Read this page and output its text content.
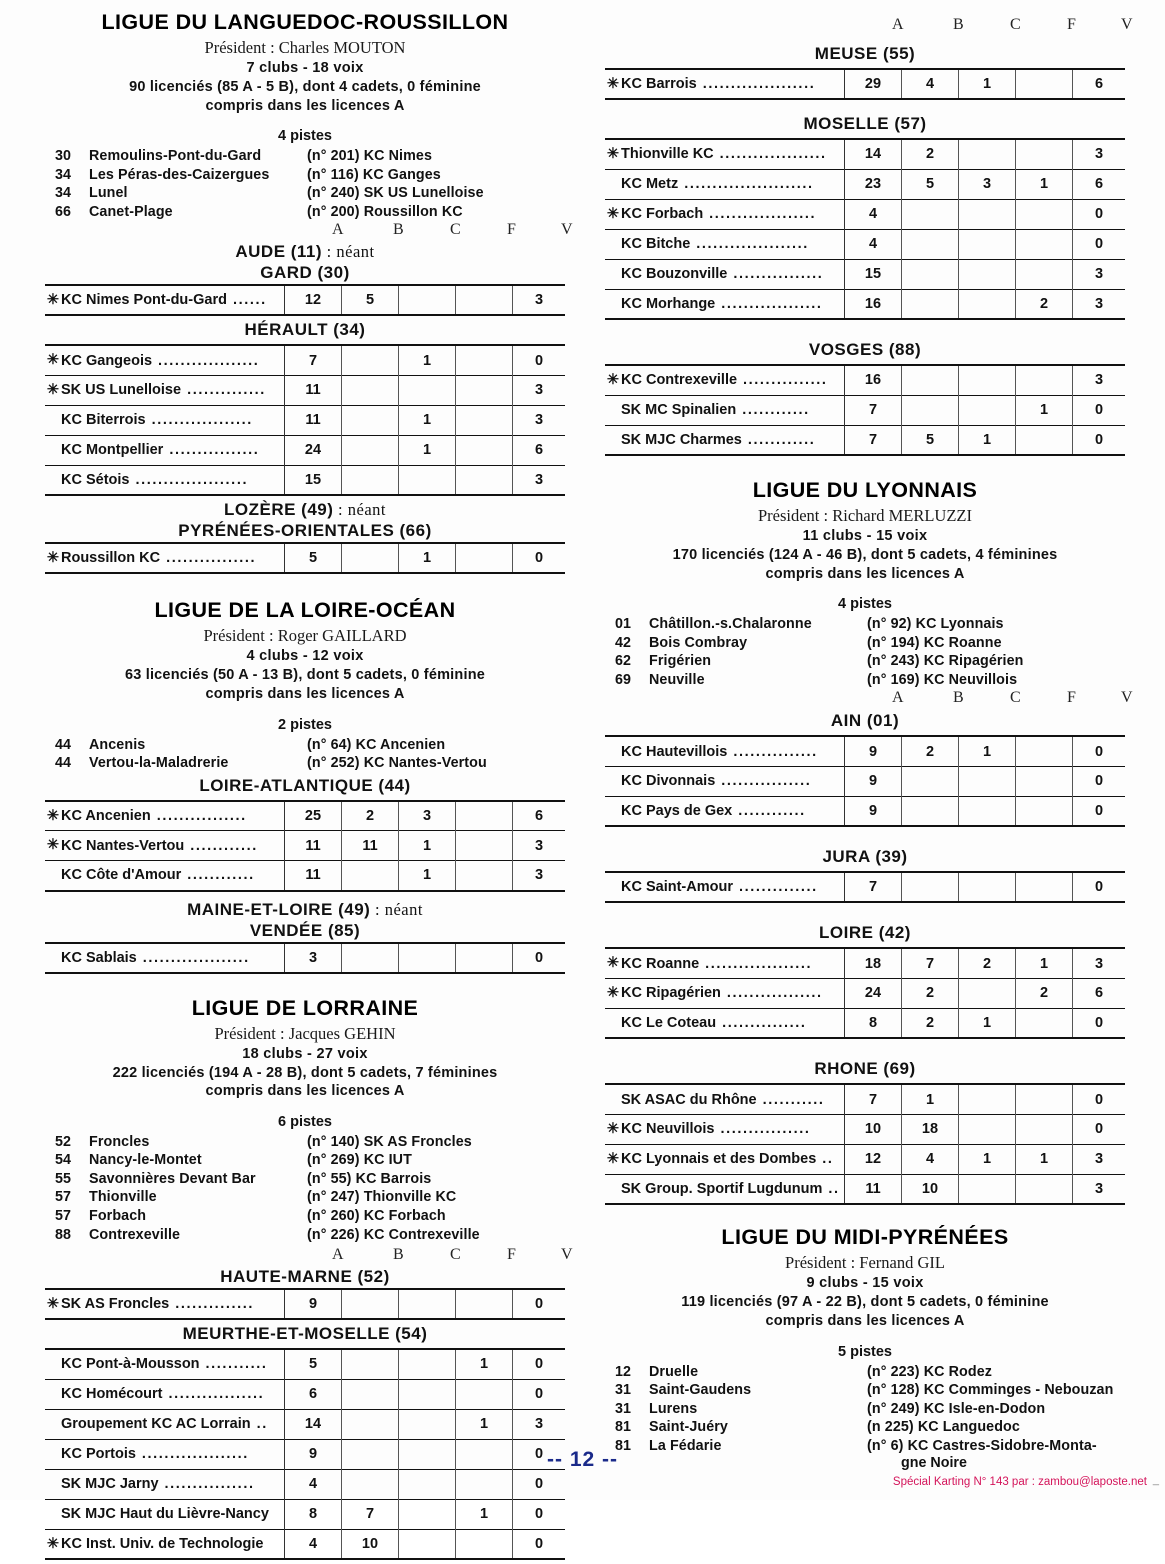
LIGUE DU LANGUEDOC-ROUSSILLON
Président : Charles MOUTON
7 clubs - 18 voix
90 licenciés (85 A - 5 B), dont 4 cadets, 0 féminine
compris dans les licences A
4 pistes
30	Remoulins-Pont-du-Gard	(n° 201) KC Nimes
34	Les Péras-des-Caizergues	(n° 116) KC Ganges
34	Lunel	(n° 240) SK US Lunelloise
66	Canet-Plage	(n° 200) Roussillon KC
A	B	C	F	V
AUDE (11) : néant
GARD (30)
✳	KC Nimes Pont-du-Gard ......	12	5			3
HÉRAULT (34)
✳	KC Gangeois ..................	7		1		0
✳	SK US Lunelloise ..............	11				3
	KC Biterrois ..................	11		1		3
	KC Montpellier ................	24		1		6
	KC Sétois ....................	15				3
LOZÈRE (49) : néant
PYRÉNÉES-ORIENTALES (66)
✳	Roussillon KC ................	5		1		0
LIGUE DE LA LOIRE-OCÉAN
Président : Roger GAILLARD
4 clubs - 12 voix
63 licenciés (50 A - 13 B), dont 5 cadets, 0 féminine
compris dans les licences A
2 pistes
44	Ancenis	(n° 64) KC Ancenien
44	Vertou-la-Maladrerie	(n° 252) KC Nantes-Vertou
LOIRE-ATLANTIQUE (44)
✳	KC Ancenien ................	25	2	3		6
✳	KC Nantes-Vertou ............	11	11	1		3
	KC Côte d'Amour ............	11		1		3
MAINE-ET-LOIRE (49) : néant
VENDÉE (85)
	KC Sablais ...................	3				0
LIGUE DE LORRAINE
Président : Jacques GEHIN
18 clubs - 27 voix
222 licenciés (194 A - 28 B), dont 5 cadets, 7 féminines
compris dans les licences A
6 pistes
52	Froncles	(n° 140) SK AS Froncles
54	Nancy-le-Montet	(n° 269) KC IUT
55	Savonnières Devant Bar	(n° 55) KC Barrois
57	Thionville	(n° 247) Thionville KC
57	Forbach	(n° 260) KC Forbach
88	Contrexeville	(n° 226) KC Contrexeville
A	B	C	F	V
HAUTE-MARNE (52)
✳	SK AS Froncles ..............	9				0
MEURTHE-ET-MOSELLE (54)
	KC Pont-à-Mousson ...........	5			1	0
	KC Homécourt .................	6				0
	Groupement KC AC Lorrain ..	14			1	3
	KC Portois ...................	9				0
	SK MJC Jarny ................	4				0
	SK MJC Haut du Lièvre-Nancy	8	7		1	0
✳	KC Inst. Univ. de Technologie	4	10			0
A	B	C	F	V
MEUSE (55)
✳	KC Barrois ....................	29	4	1		6
MOSELLE (57)
✳	Thionville KC ...................	14	2			3
	KC Metz .......................	23	5	3	1	6
✳	KC Forbach ...................	4				0
	KC Bitche ....................	4				0
	KC Bouzonville ................	15				3
	KC Morhange ..................	16			2	3
VOSGES (88)
✳	KC Contrexeville ...............	16				3
	SK MC Spinalien ............	7			1	0
	SK MJC Charmes ............	7	5	1		0
LIGUE DU LYONNAIS
Président : Richard MERLUZZI
11 clubs - 15 voix
170 licenciés (124 A - 46 B), dont 5 cadets, 4 féminines
compris dans les licences A
4 pistes
01	Châtillon.-s.Chalaronne	(n° 92) KC Lyonnais
42	Bois Combray	(n° 194) KC Roanne
62	Frigérien	(n° 243) KC Ripagérien
69	Neuville	(n° 169) KC Neuvillois
A	B	C	F	V
AIN (01)
	KC Hautevillois ...............	9	2	1		0
	KC Divonnais ................	9				0
	KC Pays de Gex ............	9				0
JURA (39)
	KC Saint-Amour ..............	7				0
LOIRE (42)
✳	KC Roanne ...................	18	7	2	1	3
✳	KC Ripagérien .................	24	2		2	6
	KC Le Coteau ...............	8	2	1		0
RHONE (69)
	SK ASAC du Rhône ...........	7	1			0
✳	KC Neuvillois ................	10	18			0
✳	KC Lyonnais et des Dombes ..	12	4	1	1	3
	SK Group. Sportif Lugdunum ..	11	10			3
LIGUE DU MIDI-PYRÉNÉES
Président : Fernand GIL
9 clubs - 15 voix
119 licenciés (97 A - 22 B), dont 5 cadets, 0 féminine
compris dans les licences A
5 pistes
12	Druelle	(n° 223) KC Rodez
31	Saint-Gaudens	(n° 128) KC Comminges - Nebouzan
31	Lurens	(n° 249) KC Isle-en-Dodon
81	Saint-Juéry	(n 225) KC Languedoc
81	La Fédarie	(n° 6) KC Castres-Sidobre-Monta-
gne Noire
-- 12 --
Spécial Karting N° 143 par : zambou@laposte.net _
